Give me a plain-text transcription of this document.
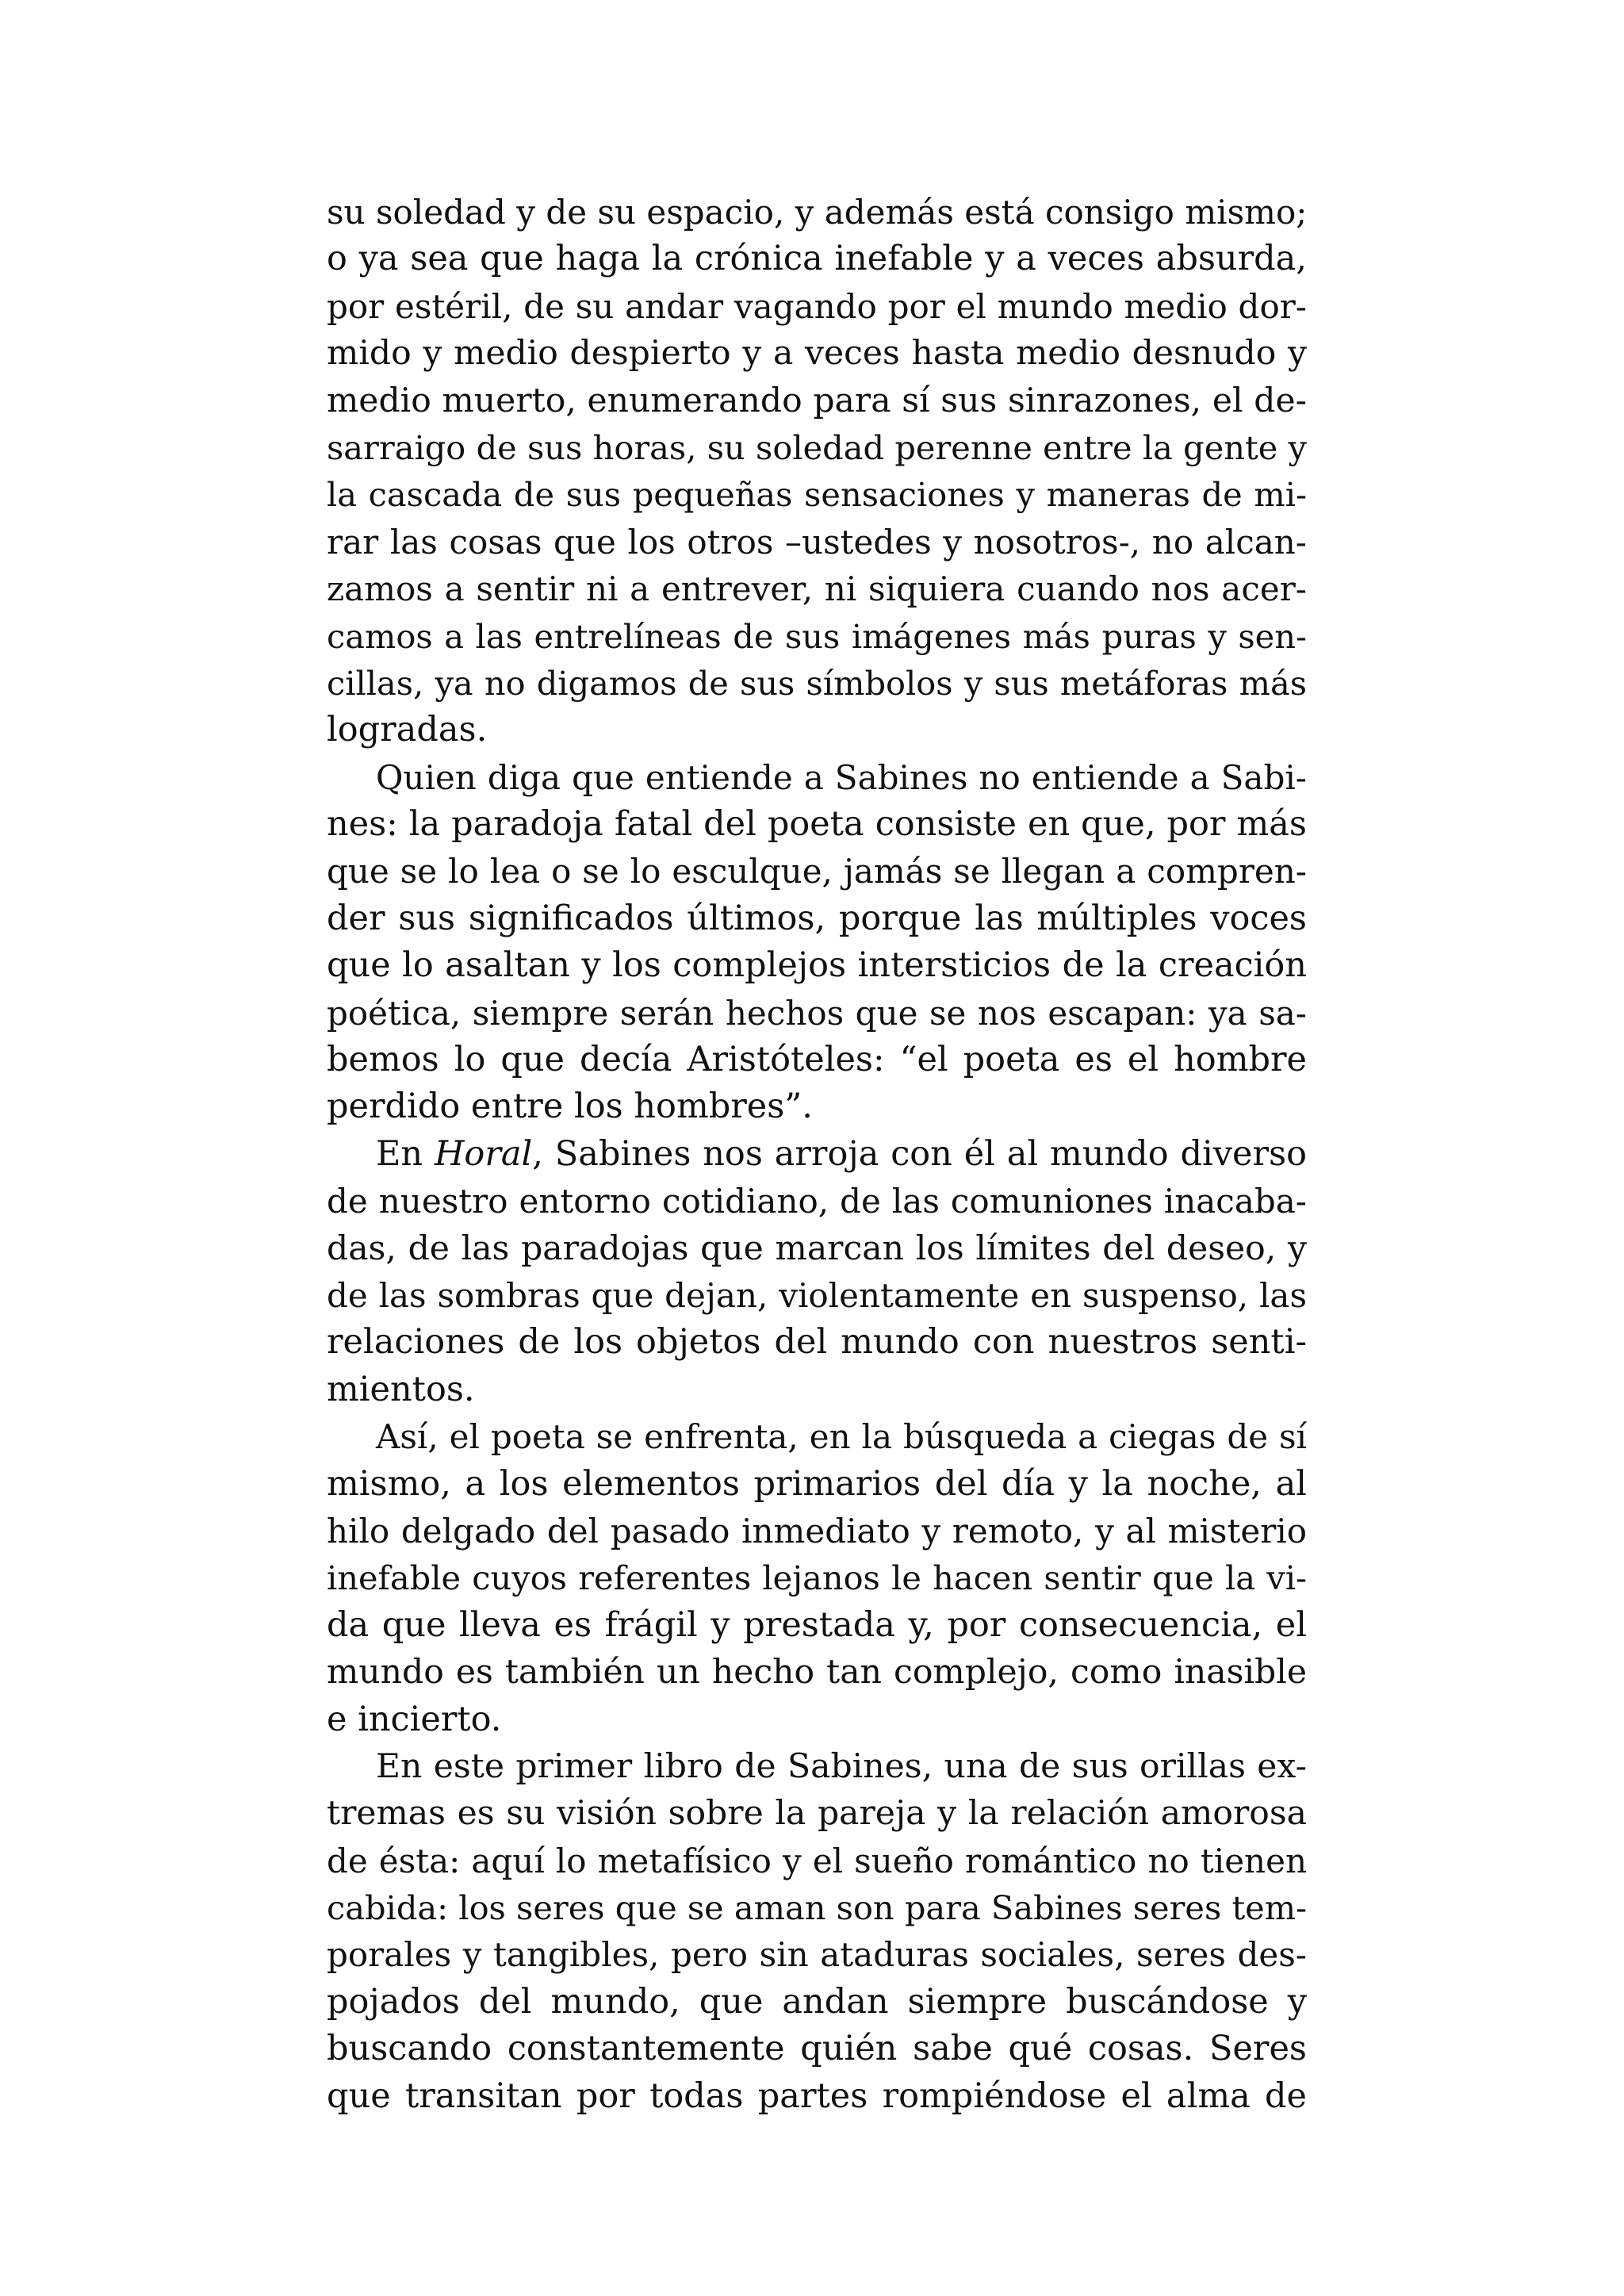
su soledad y de su espacio, y además está consigo mismo;
o ya sea que haga la crónica inefable y a veces absurda,
por estéril, de su andar vagando por el mundo medio dor-
mido y medio despierto y a veces hasta medio desnudo y
medio muerto, enumerando para sí sus sinrazones, el de-
sarraigo de sus horas, su soledad perenne entre la gente y
la cascada de sus pequeñas sensaciones y maneras de mi-
rar las cosas que los otros –ustedes y nosotros-, no alcan-
zamos a sentir ni a entrever, ni siquiera cuando nos acer-
camos a las entrelíneas de sus imágenes más puras y sen-
cillas, ya no digamos de sus símbolos y sus metáforas más
logradas.
Quien diga que entiende a Sabines no entiende a Sabi-
nes: la paradoja fatal del poeta consiste en que, por más
que se lo lea o se lo esculque, jamás se llegan a compren-
der sus significados últimos, porque las múltiples voces
que lo asaltan y los complejos intersticios de la creación
poética, siempre serán hechos que se nos escapan: ya sa-
bemos lo que decía Aristóteles: “el poeta es el hombre
perdido entre los hombres”.
En Horal, Sabines nos arroja con él al mundo diverso
de nuestro entorno cotidiano, de las comuniones inacaba-
das, de las paradojas que marcan los límites del deseo, y
de las sombras que dejan, violentamente en suspenso, las
relaciones de los objetos del mundo con nuestros senti-
mientos.
Así, el poeta se enfrenta, en la búsqueda a ciegas de sí
mismo, a los elementos primarios del día y la noche, al
hilo delgado del pasado inmediato y remoto, y al misterio
inefable cuyos referentes lejanos le hacen sentir que la vi-
da que lleva es frágil y prestada y, por consecuencia, el
mundo es también un hecho tan complejo, como inasible
e incierto.
En este primer libro de Sabines, una de sus orillas ex-
tremas es su visión sobre la pareja y la relación amorosa
de ésta: aquí lo metafísico y el sueño romántico no tienen
cabida: los seres que se aman son para Sabines seres tem-
porales y tangibles, pero sin ataduras sociales, seres des-
pojados del mundo, que andan siempre buscándose y
buscando constantemente quién sabe qué cosas. Seres
que transitan por todas partes rompiéndose el alma de
